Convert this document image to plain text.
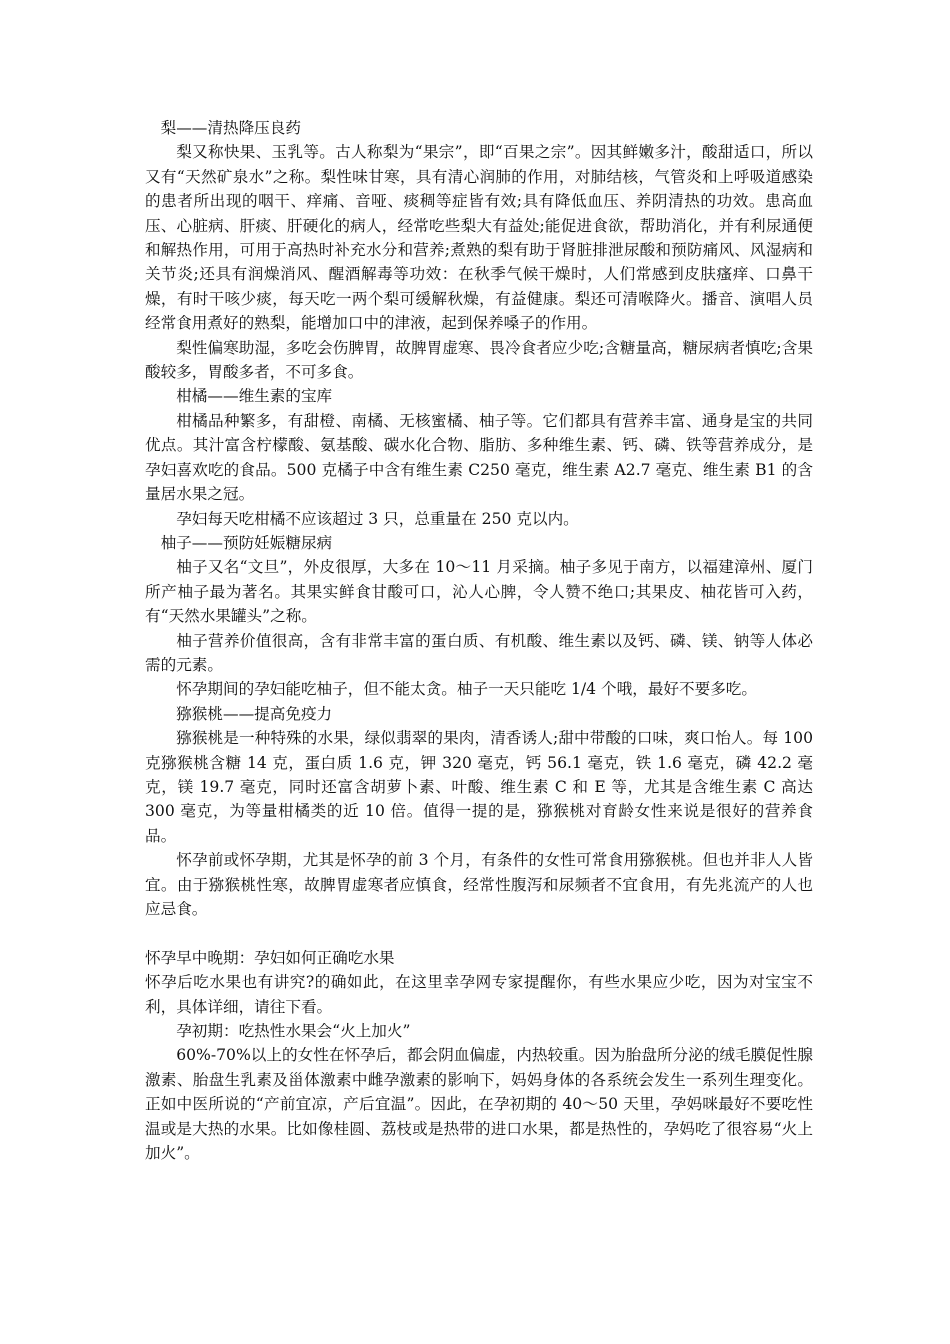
梨——清热降压良药

梨又称快果、玉乳等。古人称梨为“果宗”，即“百果之宗”。因其鲜嫩多汁，酸甜适口，所以又有“天然矿泉水”之称。梨性味甘寒，具有清心润肺的作用，对肺结核，气管炎和上呼吸道感染的患者所出现的咽干、痒痛、音哑、痰稠等症皆有效;具有降低血压、养阴清热的功效。患高血压、心脏病、肝痰、肝硬化的病人，经常吃些梨大有益处;能促进食欲，帮助消化，并有利尿通便和解热作用，可用于高热时补充水分和营养;煮熟的梨有助于肾脏排泄尿酸和预防痛风、风湿病和关节炎;还具有润燥消风、醒酒解毒等功效：在秋季气候干燥时，人们常感到皮肤瘙痒、口鼻干燥，有时干咳少痰，每天吃一两个梨可缓解秋燥，有益健康。梨还可清喉降火。播音、演唱人员经常食用煮好的熟梨，能增加口中的津液，起到保养嗓子的作用。

梨性偏寒助湿，多吃会伤脾胃，故脾胃虚寒、畏冷食者应少吃;含糖量高，糖尿病者慎吃;含果酸较多，胃酸多者，不可多食。

柑橘——维生素的宝库

柑橘品种繁多，有甜橙、南橘、无核蜜橘、柚子等。它们都具有营养丰富、通身是宝的共同优点。其汁富含柠檬酸、氨基酸、碳水化合物、脂肪、多种维生素、钙、磷、铁等营养成分，是孕妇喜欢吃的食品。500 克橘子中含有维生素 C250 毫克，维生素 A2.7 毫克、维生素 B1 的含量居水果之冠。

孕妇每天吃柑橘不应该超过 3 只，总重量在 250 克以内。

柚子——预防妊娠糖尿病

柚子又名“文旦”，外皮很厚，大多在 10～11 月采摘。柚子多见于南方，以福建漳州、厦门所产柚子最为著名。其果实鲜食甘酸可口，沁人心脾，令人赞不绝口;其果皮、柚花皆可入药，有“天然水果罐头”之称。

柚子营养价值很高，含有非常丰富的蛋白质、有机酸、维生素以及钙、磷、镁、钠等人体必需的元素。

怀孕期间的孕妇能吃柚子，但不能太贪。柚子一天只能吃 1/4 个哦，最好不要多吃。

猕猴桃——提高免疫力

猕猴桃是一种特殊的水果，绿似翡翠的果肉，清香诱人;甜中带酸的口味，爽口怡人。每 100 克猕猴桃含糖 14 克，蛋白质 1.6 克，钾 320 毫克，钙 56.1 毫克，铁 1.6 毫克，磷 42.2 毫克，镁 19.7 毫克，同时还富含胡萝卜素、叶酸、维生素 C 和 E 等，尤其是含维生素 C 高达 300 毫克，为等量柑橘类的近 10 倍。值得一提的是，猕猴桃对育龄女性来说是很好的营养食品。

怀孕前或怀孕期，尤其是怀孕的前 3 个月，有条件的女性可常食用猕猴桃。但也并非人人皆宜。由于猕猴桃性寒，故脾胃虚寒者应慎食，经常性腹泻和尿频者不宜食用，有先兆流产的人也应忌食。

怀孕早中晚期：孕妇如何正确吃水果

怀孕后吃水果也有讲究?的确如此，在这里幸孕网专家提醒你，有些水果应少吃，因为对宝宝不利，具体详细，请往下看。

孕初期：吃热性水果会“火上加火”

60%-70%以上的女性在怀孕后，都会阴血偏虚，内热较重。因为胎盘所分泌的绒毛膜促性腺激素、胎盘生乳素及甾体激素中雌孕激素的影响下，妈妈身体的各系统会发生一系列生理变化。正如中医所说的“产前宜凉，产后宜温”。因此，在孕初期的 40～50 天里，孕妈咪最好不要吃性温或是大热的水果。比如像桂圆、荔枝或是热带的进口水果，都是热性的，孕妈吃了很容易“火上加火”。
